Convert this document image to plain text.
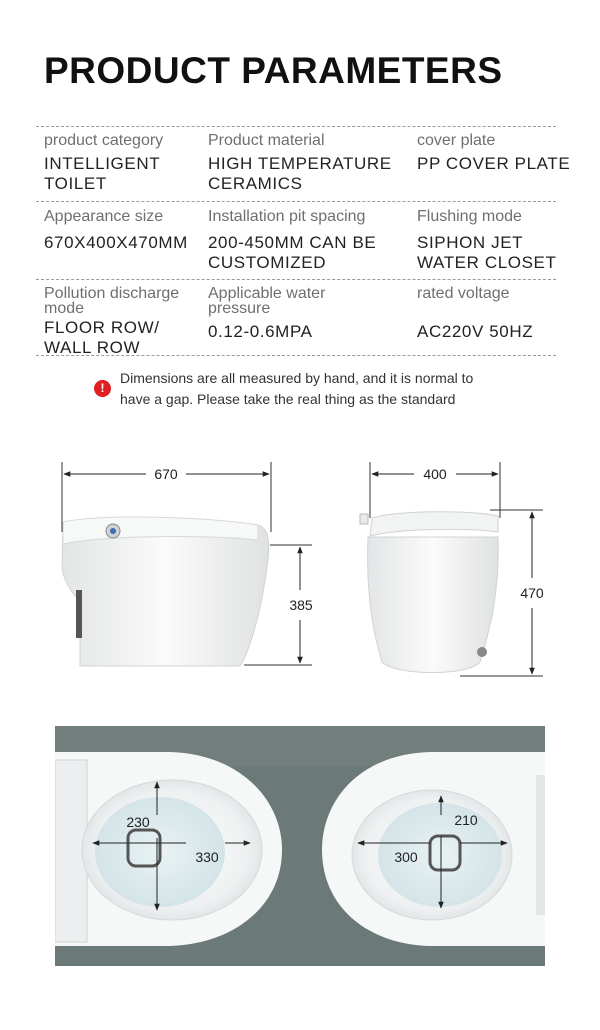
PRODUCT PARAMETERS
product category
INTELLIGENT
TOILET
Product material
HIGH TEMPERATURE
CERAMICS
cover plate
PP COVER PLATE
Appearance size
670X400X470MM
Installation pit spacing
200-450MM CAN BE
CUSTOMIZED
Flushing mode
SIPHON JET
WATER CLOSET
Pollution discharge
mode
FLOOR ROW/
WALL ROW
Applicable water
pressure
0.12-0.6MPA
rated voltage
AC220V 50HZ
!
Dimensions are all measured by hand, and it is normal to
have a gap. Please take the real thing as the standard
670
385
400
470
230
330
210
300
